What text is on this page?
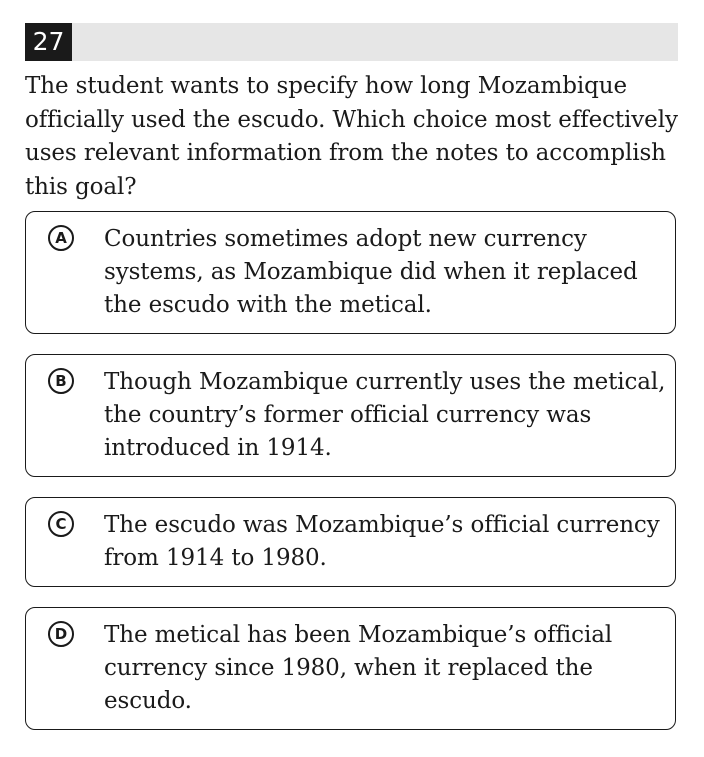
27
The student wants to specify how long Mozambique officially used the escudo. Which choice most effectively uses relevant information from the notes to accomplish this goal?
A	Countries sometimes adopt new currency systems, as Mozambique did when it replaced the escudo with the metical.
B	Though Mozambique currently uses the metical, the country’s former official currency was introduced in 1914.
C	The escudo was Mozambique’s official currency from 1914 to 1980.
D The metical has been Mozambique’s official currency since 1980, when it replaced the escudo.
